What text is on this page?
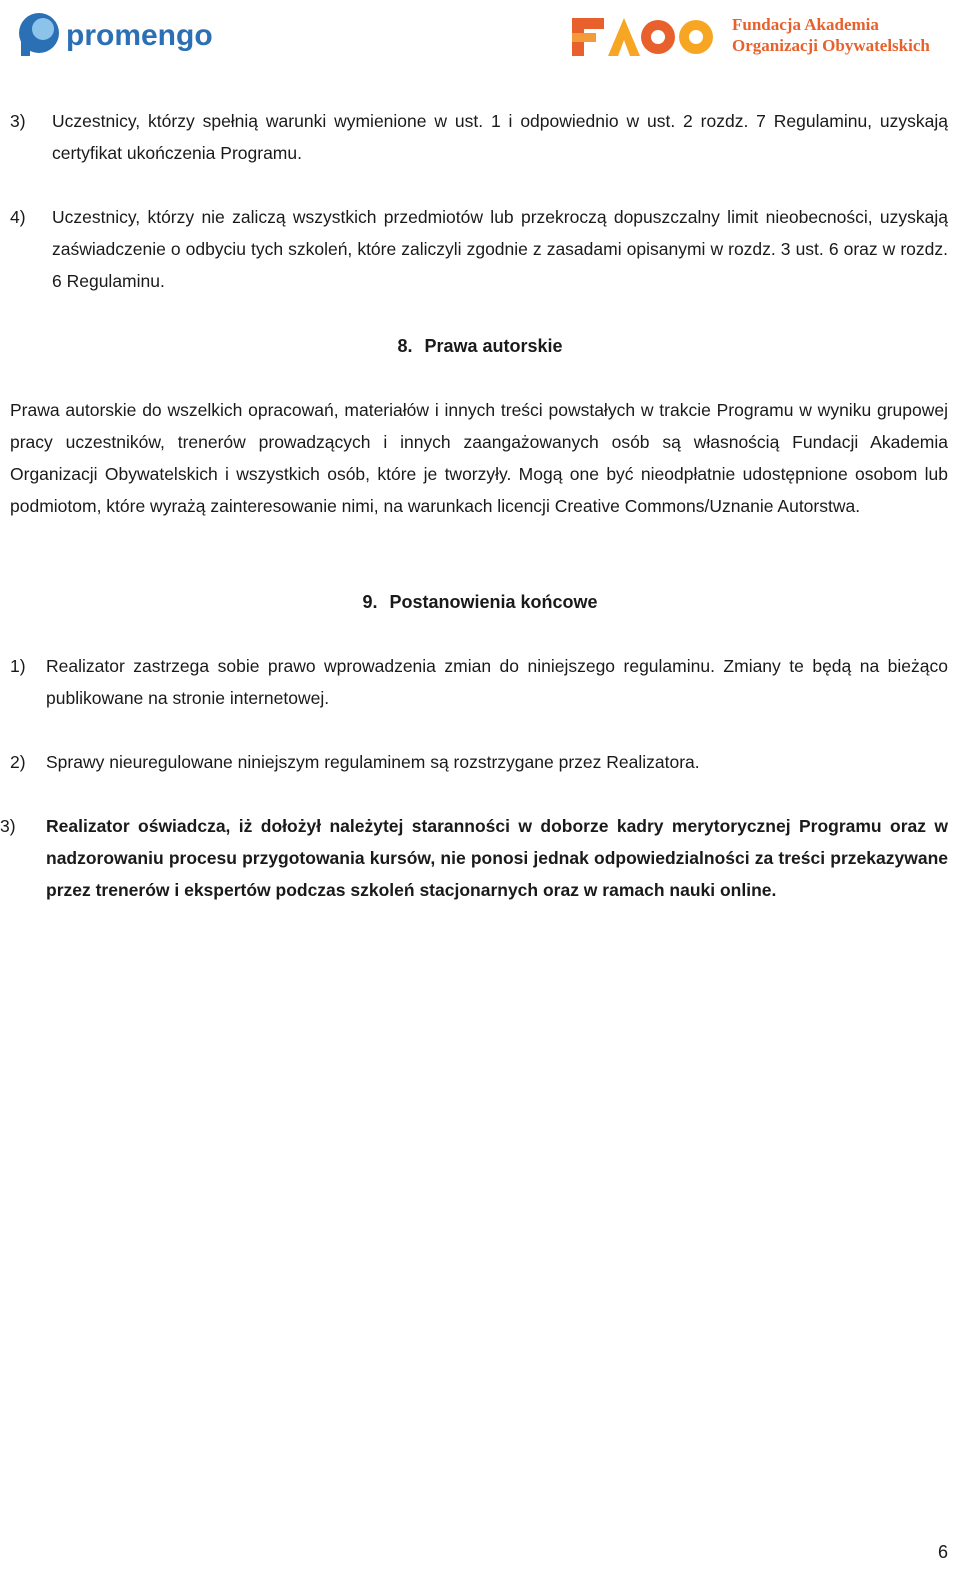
promengo	Fundacja Akademia
Organizacji Obywatelskich
3) Uczestnicy, którzy spełnią warunki wymienione w ust. 1 i odpowiednio w ust. 2 rozdz. 7 Regulaminu, uzyskają certyfikat ukończenia Programu.
4) Uczestnicy, którzy nie zaliczą wszystkich przedmiotów lub przekroczą dopuszczalny limit nieobecności, uzyskają zaświadczenie o odbyciu tych szkoleń, które zaliczyli zgodnie z zasadami opisanymi w rozdz. 3 ust. 6 oraz w rozdz. 6 Regulaminu.
8. Prawa autorskie
Prawa autorskie do wszelkich opracowań, materiałów i innych treści powstałych w trakcie Programu w wyniku grupowej pracy uczestników, trenerów prowadzących i innych zaangażowanych osób są własnością Fundacji Akademia Organizacji Obywatelskich i wszystkich osób, które je tworzyły. Mogą one być nieodpłatnie udostępnione osobom lub podmiotom, które wyrażą zainteresowanie nimi, na warunkach licencji Creative Commons/Uznanie Autorstwa.
9. Postanowienia końcowe
1) Realizator zastrzega sobie prawo wprowadzenia zmian do niniejszego regulaminu. Zmiany te będą na bieżąco publikowane na stronie internetowej.
2) Sprawy nieuregulowane niniejszym regulaminem są rozstrzygane przez Realizatora.
3) Realizator oświadcza, iż dołożył należytej staranności w doborze kadry merytorycznej Programu oraz w nadzorowaniu procesu przygotowania kursów, nie ponosi jednak odpowiedzialności za treści przekazywane przez trenerów i ekspertów podczas szkoleń stacjonarnych oraz w ramach nauki online.
6
